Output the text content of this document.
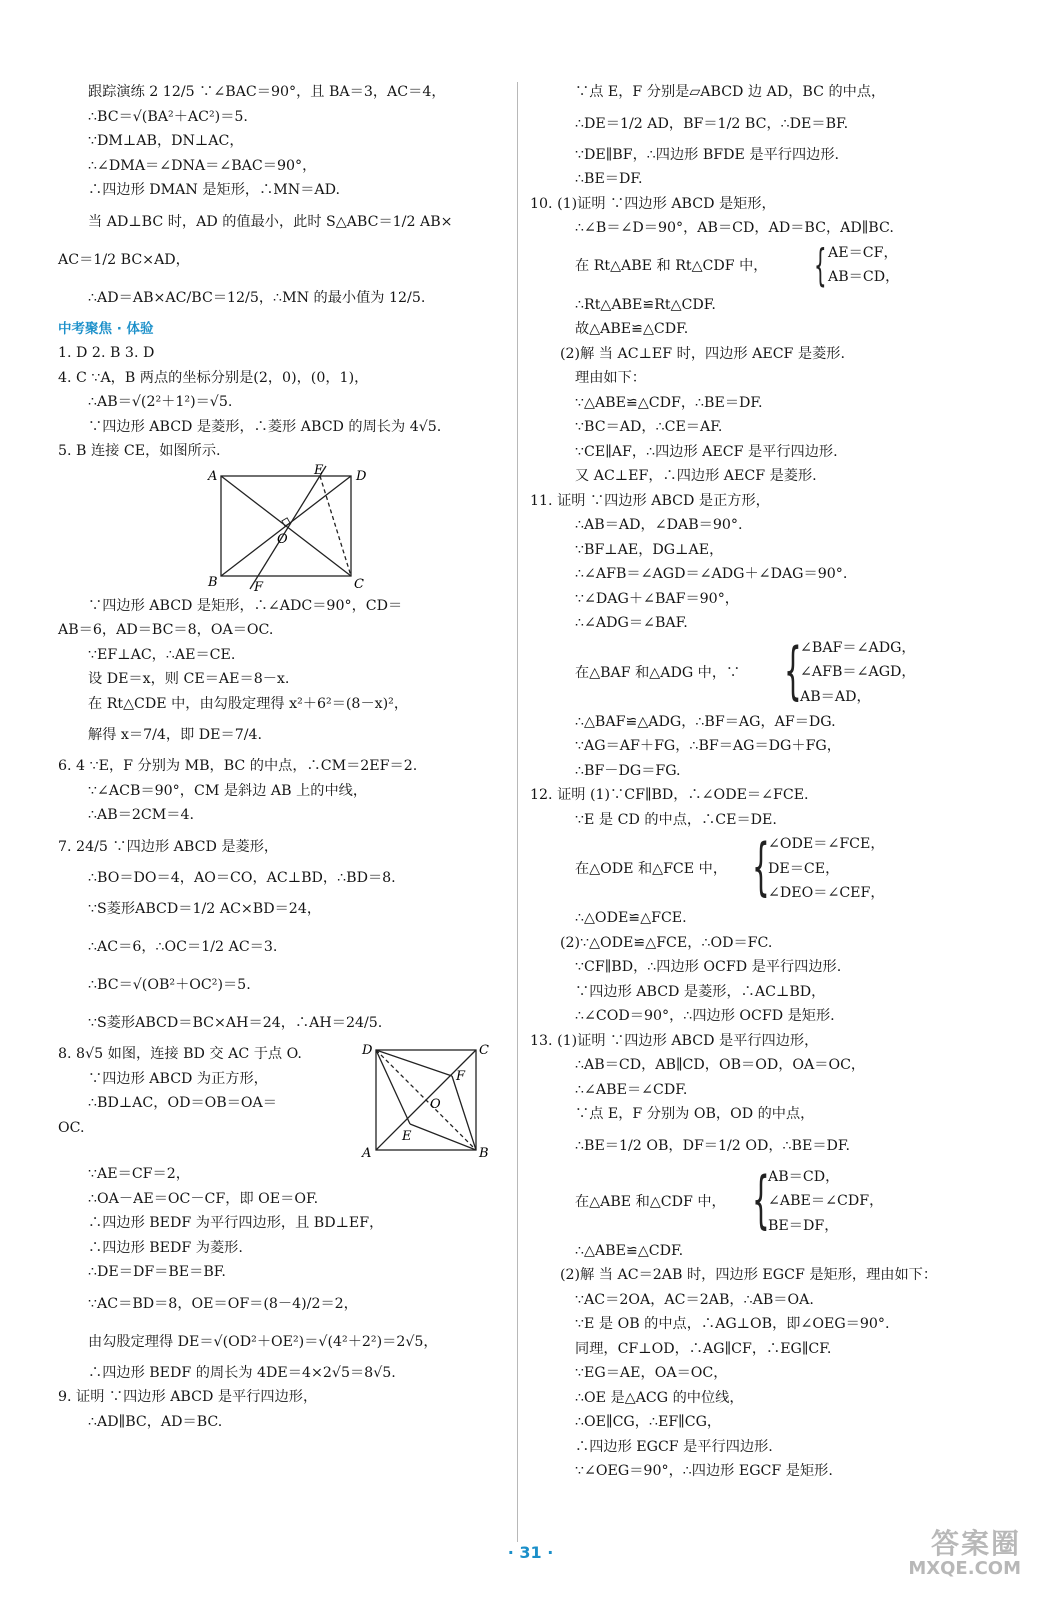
跟踪演练 2 12/5 ∵∠BAC＝90°，且 BA＝3，AC＝4，
∴BC＝√(BA²＋AC²)＝5.
∵DM⊥AB，DN⊥AC，
∴∠DMA＝∠DNA＝∠BAC＝90°，
∴四边形 DMAN 是矩形，∴MN＝AD.
当 AD⊥BC 时，AD 的值最小，此时 S△ABC＝1/2 AB×
AC＝1/2 BC×AD，
∴AD＝AB×AC/BC＝12/5，∴MN 的最小值为 12/5.
中考聚焦 · 体验
1. D 2. B 3. D
4. C ∵A，B 两点的坐标分别是(2，0)，(0，1)，
∴AB＝√(2²＋1²)＝√5.
∵四边形 ABCD 是菱形，∴菱形 ABCD 的周长为 4√5.
5. B 连接 CE，如图所示.
A	D
B	C
E
F
O
∵四边形 ABCD 是矩形，∴∠ADC＝90°，CD＝
AB＝6，AD＝BC＝8，OA＝OC.
∵EF⊥AC，∴AE＝CE.
设 DE＝x，则 CE＝AE＝8－x.
在 Rt△CDE 中，由勾股定理得 x²＋6²＝(8－x)²，
解得 x＝7/4，即 DE＝7/4.
6. 4 ∵E，F 分别为 MB，BC 的中点，∴CM＝2EF＝2.
∵∠ACB＝90°，CM 是斜边 AB 上的中线，
∴AB＝2CM＝4.
7. 24/5 ∵四边形 ABCD 是菱形，
∴BO＝DO＝4，AO＝CO，AC⊥BD，∴BD＝8.
∵S菱形ABCD＝1/2 AC×BD＝24，
∴AC＝6，∴OC＝1/2 AC＝3.
∴BC＝√(OB²＋OC²)＝5.
∵S菱形ABCD＝BC×AH＝24，∴AH＝24/5.
8. 8√5 如图，连接 BD 交 AC 于点 O.
∵四边形 ABCD 为正方形，
∴BD⊥AC，OD＝OB＝OA＝
OC.
D	C
A	B
E
F
O
∵AE＝CF＝2，
∴OA－AE＝OC－CF，即 OE＝OF.
∴四边形 BEDF 为平行四边形，且 BD⊥EF，
∴四边形 BEDF 为菱形.
∴DE＝DF＝BE＝BF.
∵AC＝BD＝8，OE＝OF＝(8－4)/2＝2，
由勾股定理得 DE＝√(OD²＋OE²)＝√(4²＋2²)＝2√5，
∴四边形 BEDF 的周长为 4DE＝4×2√5＝8√5.
9. 证明 ∵四边形 ABCD 是平行四边形，
∴AD∥BC，AD＝BC.
∵点 E，F 分别是▱ABCD 边 AD，BC 的中点，
∴DE＝1/2 AD，BF＝1/2 BC，∴DE＝BF.
∵DE∥BF，∴四边形 BFDE 是平行四边形.
∴BE＝DF.
10. (1)证明 ∵四边形 ABCD 是矩形，
∴∠B＝∠D＝90°，AB＝CD，AD＝BC，AD∥BC.
在 Rt△ABE 和 Rt△CDF 中， { AE＝CF，
AB＝CD，
∴Rt△ABE≌Rt△CDF.
故△ABE≌△CDF.
(2)解 当 AC⊥EF 时，四边形 AECF 是菱形.
理由如下：
∵△ABE≌△CDF，∴BE＝DF.
∵BC＝AD，∴CE＝AF.
∵CE∥AF，∴四边形 AECF 是平行四边形.
又 AC⊥EF，∴四边形 AECF 是菱形.
11. 证明 ∵四边形 ABCD 是正方形，
∴AB＝AD，∠DAB＝90°.
∵BF⊥AE，DG⊥AE，
∴∠AFB＝∠AGD＝∠ADG＋∠DAG＝90°.
∵∠DAG＋∠BAF＝90°，
∴∠ADG＝∠BAF.
在△BAF 和△ADG 中，∵ {
∠BAF＝∠ADG，
∠AFB＝∠AGD，
AB＝AD，
∴△BAF≌△ADG，∴BF＝AG，AF＝DG.
∵AG＝AF＋FG，∴BF＝AG＝DG＋FG，
∴BF－DG＝FG.
12. 证明 (1)∵CF∥BD，∴∠ODE＝∠FCE.
∵E 是 CD 的中点，∴CE＝DE.
在△ODE 和△FCE 中， {
∠ODE＝∠FCE，
DE＝CE，
∠DEO＝∠CEF，
∴△ODE≌△FCE.
(2)∵△ODE≌△FCE，∴OD＝FC.
∵CF∥BD，∴四边形 OCFD 是平行四边形.
∵四边形 ABCD 是菱形，∴AC⊥BD，
∴∠COD＝90°，∴四边形 OCFD 是矩形.
13. (1)证明 ∵四边形 ABCD 是平行四边形，
∴AB＝CD，AB∥CD，OB＝OD，OA＝OC，
∴∠ABE＝∠CDF.
∵点 E，F 分别为 OB，OD 的中点，
∴BE＝1/2 OB，DF＝1/2 OD，∴BE＝DF.
在△ABE 和△CDF 中， {
AB＝CD，
∠ABE＝∠CDF，
BE＝DF，
∴△ABE≌△CDF.
(2)解 当 AC＝2AB 时，四边形 EGCF 是矩形，理由如下：
∵AC＝2OA，AC＝2AB，∴AB＝OA.
∵E 是 OB 的中点，∴AG⊥OB，即∠OEG＝90°.
同理，CF⊥OD，∴AG∥CF，∴EG∥CF.
∵EG＝AE，OA＝OC，
∴OE 是△ACG 的中位线，
∴OE∥CG，∴EF∥CG，
∴四边形 EGCF 是平行四边形.
∵∠OEG＝90°，∴四边形 EGCF 是矩形.
· 31 ·	答案圈
MXQE.COM
